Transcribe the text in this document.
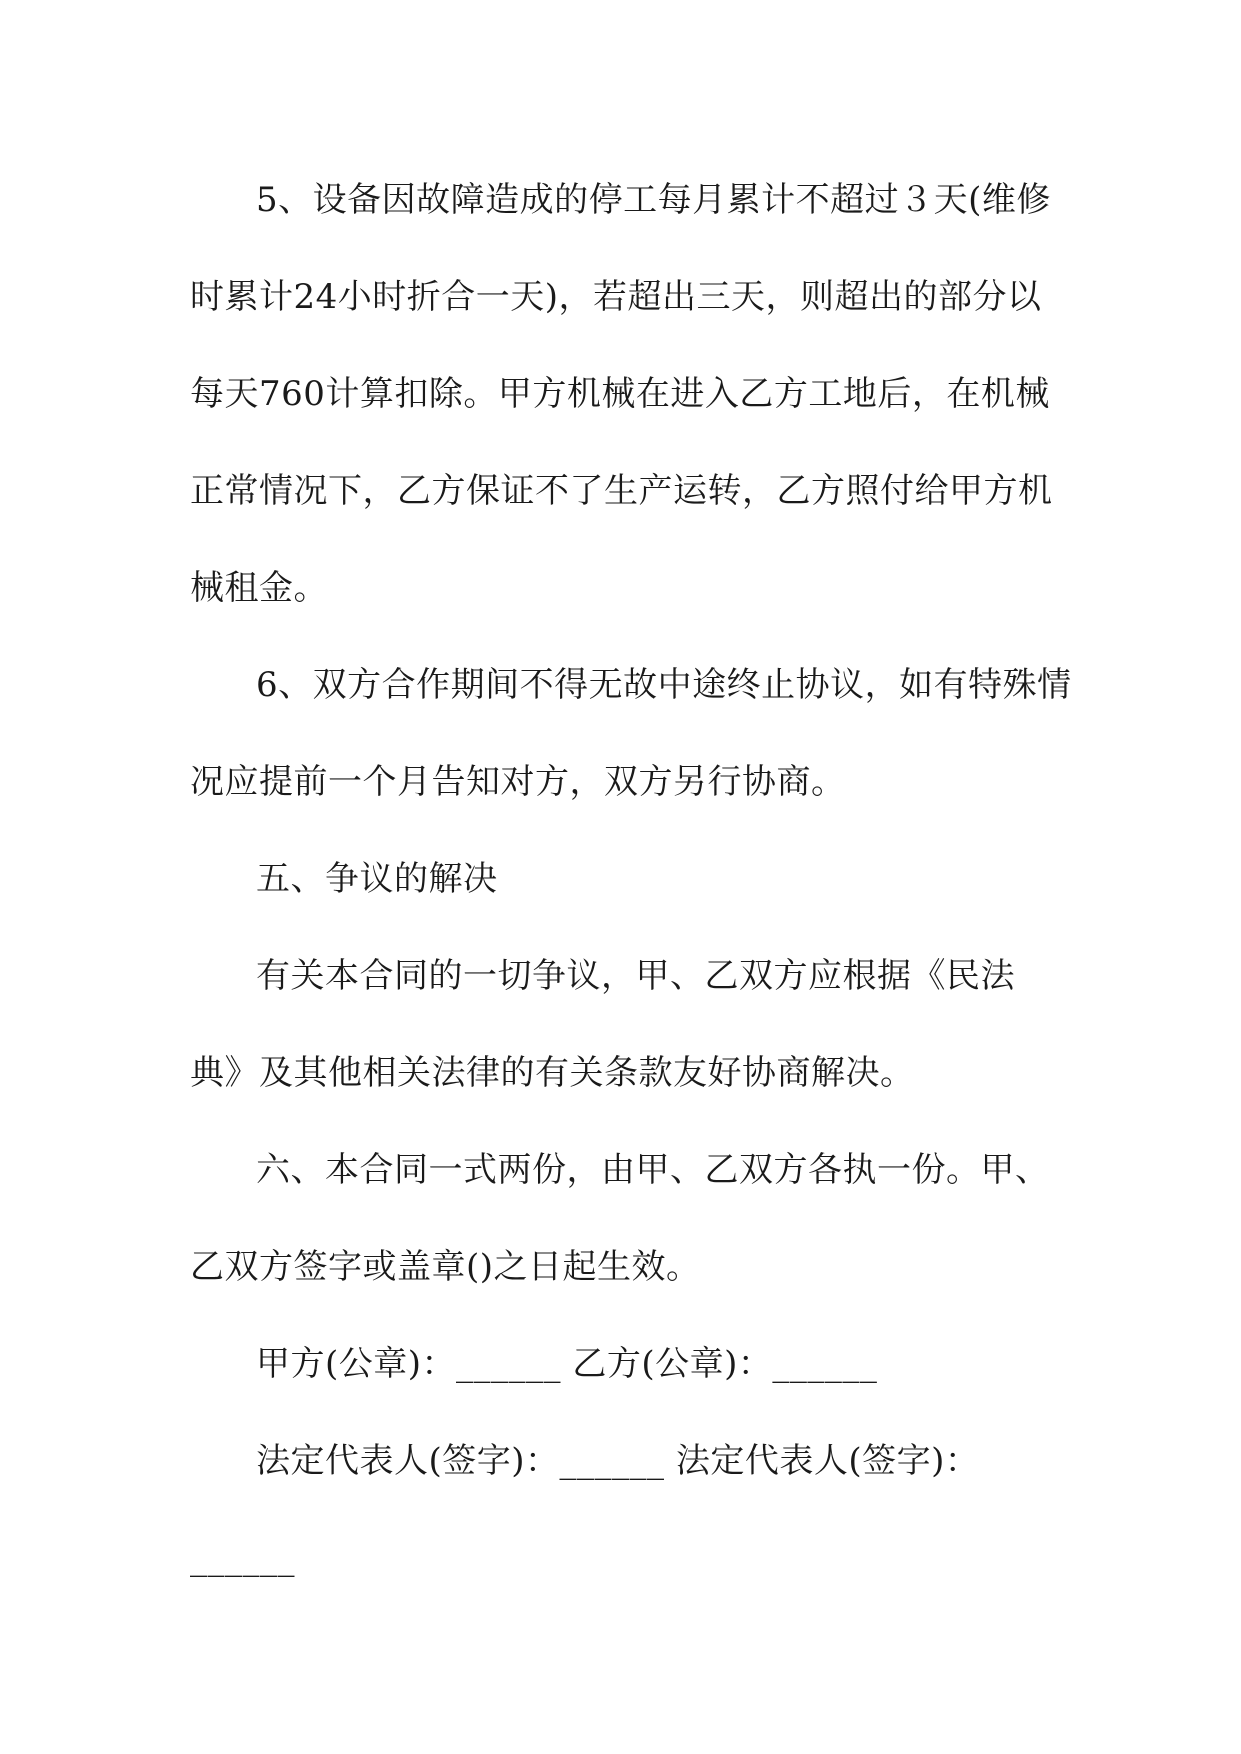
5、设备因故障造成的停工每月累计不超过３天(维修
时累计24小时折合一天)，若超出三天，则超出的部分以
每天760计算扣除。甲方机械在进入乙方工地后，在机械
正常情况下，乙方保证不了生产运转，乙方照付给甲方机
械租金。
6、双方合作期间不得无故中途终止协议，如有特殊情
况应提前一个月告知对方，双方另行协商。
五、争议的解决
有关本合同的一切争议，甲、乙双方应根据《民法
典》及其他相关法律的有关条款友好协商解决。
六、本合同一式两份，由甲、乙双方各执一份。甲、
乙双方签字或盖章()之日起生效。
甲方(公章)：______ 乙方(公章)：______
法定代表人(签字)：______ 法定代表人(签字)：
______
